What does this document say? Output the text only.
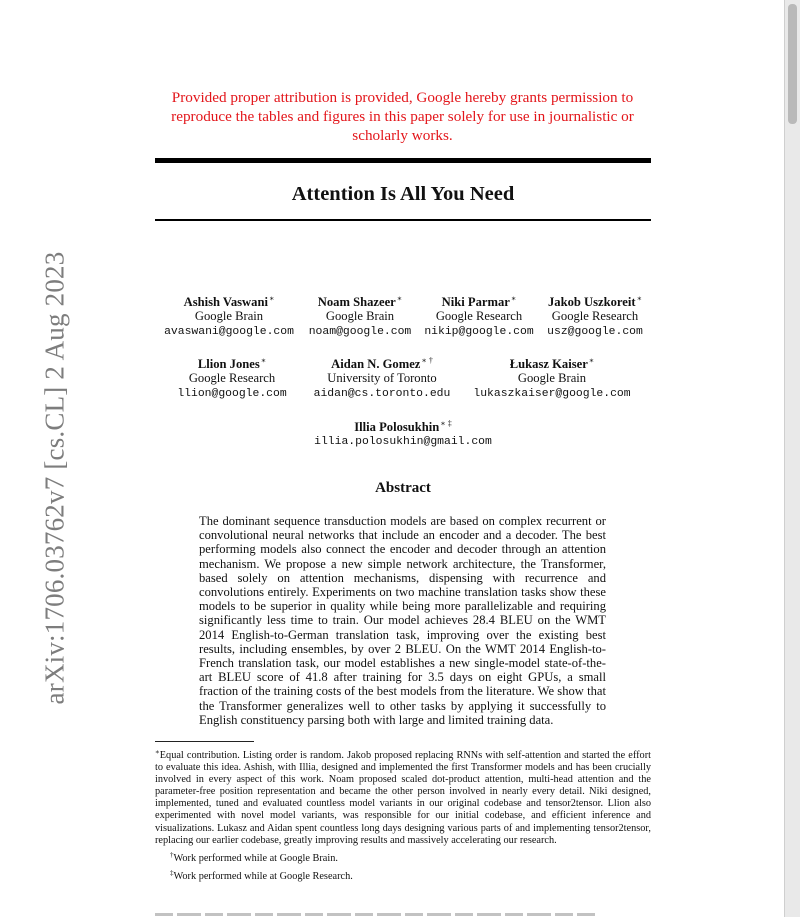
Provided proper attribution is provided, Google hereby grants permission to reproduce the tables and figures in this paper solely for use in journalistic or scholarly works.
Attention Is All You Need
Ashish Vaswani∗
Google Brain
avaswani@google.com
Noam Shazeer∗
Google Brain
noam@google.com
Niki Parmar∗
Google Research
nikip@google.com
Jakob Uszkoreit∗
Google Research
usz@google.com
Llion Jones∗
Google Research
llion@google.com
Aidan N. Gomez∗ †
University of Toronto
aidan@cs.toronto.edu
Łukasz Kaiser∗
Google Brain
lukaszkaiser@google.com
Illia Polosukhin∗ ‡
illia.polosukhin@gmail.com
Abstract
The dominant sequence transduction models are based on complex recurrent or convolutional neural networks that include an encoder and a decoder. The best performing models also connect the encoder and decoder through an attention mechanism. We propose a new simple network architecture, the Transformer, based solely on attention mechanisms, dispensing with recurrence and convolutions entirely. Experiments on two machine translation tasks show these models to be superior in quality while being more parallelizable and requiring significantly less time to train. Our model achieves 28.4 BLEU on the WMT 2014 English-to-German translation task, improving over the existing best results, including ensembles, by over 2 BLEU. On the WMT 2014 English-to-French translation task, our model establishes a new single-model state-of-the-art BLEU score of 41.8 after training for 3.5 days on eight GPUs, a small fraction of the training costs of the best models from the literature. We show that the Transformer generalizes well to other tasks by applying it successfully to English constituency parsing both with large and limited training data.

∗Equal contribution. Listing order is random. Jakob proposed replacing RNNs with self-attention and started the effort to evaluate this idea. Ashish, with Illia, designed and implemented the first Transformer models and has been crucially involved in every aspect of this work. Noam proposed scaled dot-product attention, multi-head attention and the parameter-free position representation and became the other person involved in nearly every detail. Niki designed, implemented, tuned and evaluated countless model variants in our original codebase and tensor2tensor. Llion also experimented with novel model variants, was responsible for our initial codebase, and efficient inference and visualizations. Lukasz and Aidan spent countless long days designing various parts of and implementing tensor2tensor, replacing our earlier codebase, greatly improving results and massively accelerating our research.

†Work performed while at Google Brain.

‡Work performed while at Google Research.

arXiv:1706.03762v7 [cs.CL] 2 Aug 2023
